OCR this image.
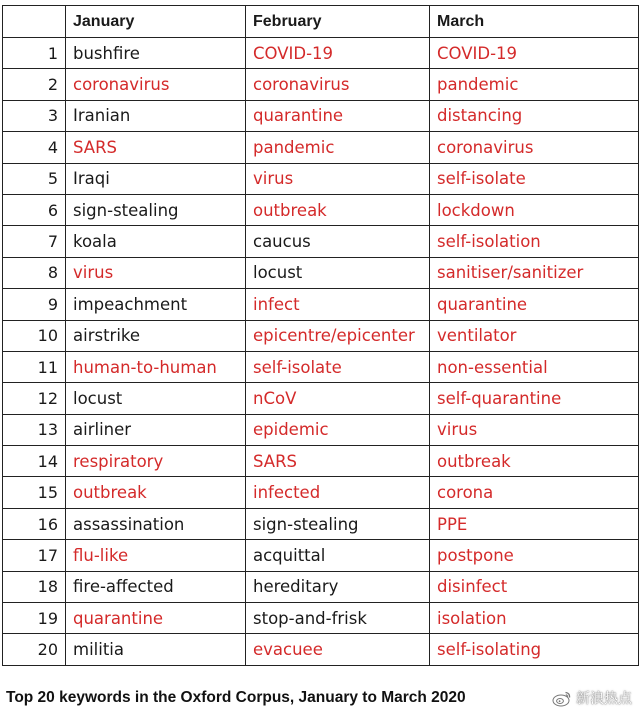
	January	February	March
1	bushfire	COVID-19	COVID-19
2	coronavirus	coronavirus	pandemic
3	Iranian	quarantine	distancing
4	SARS	pandemic	coronavirus
5	Iraqi	virus	self-isolate
6	sign-stealing	outbreak	lockdown
7	koala	caucus	self-isolation
8	virus	locust	sanitiser/sanitizer
9	impeachment	infect	quarantine
10	airstrike	epicentre/epicenter	ventilator
11	human-to-human	self-isolate	non-essential
12	locust	nCoV	self-quarantine
13	airliner	epidemic	virus
14	respiratory	SARS	outbreak
15	outbreak	infected	corona
16	assassination	sign-stealing	PPE
17	flu-like	acquittal	postpone
18	fire-affected	hereditary	disinfect
19	quarantine	stop-and-frisk	isolation
20	militia	evacuee	self-isolating

Top 20 keywords in the Oxford Corpus, January to March 2020	新浪热点
